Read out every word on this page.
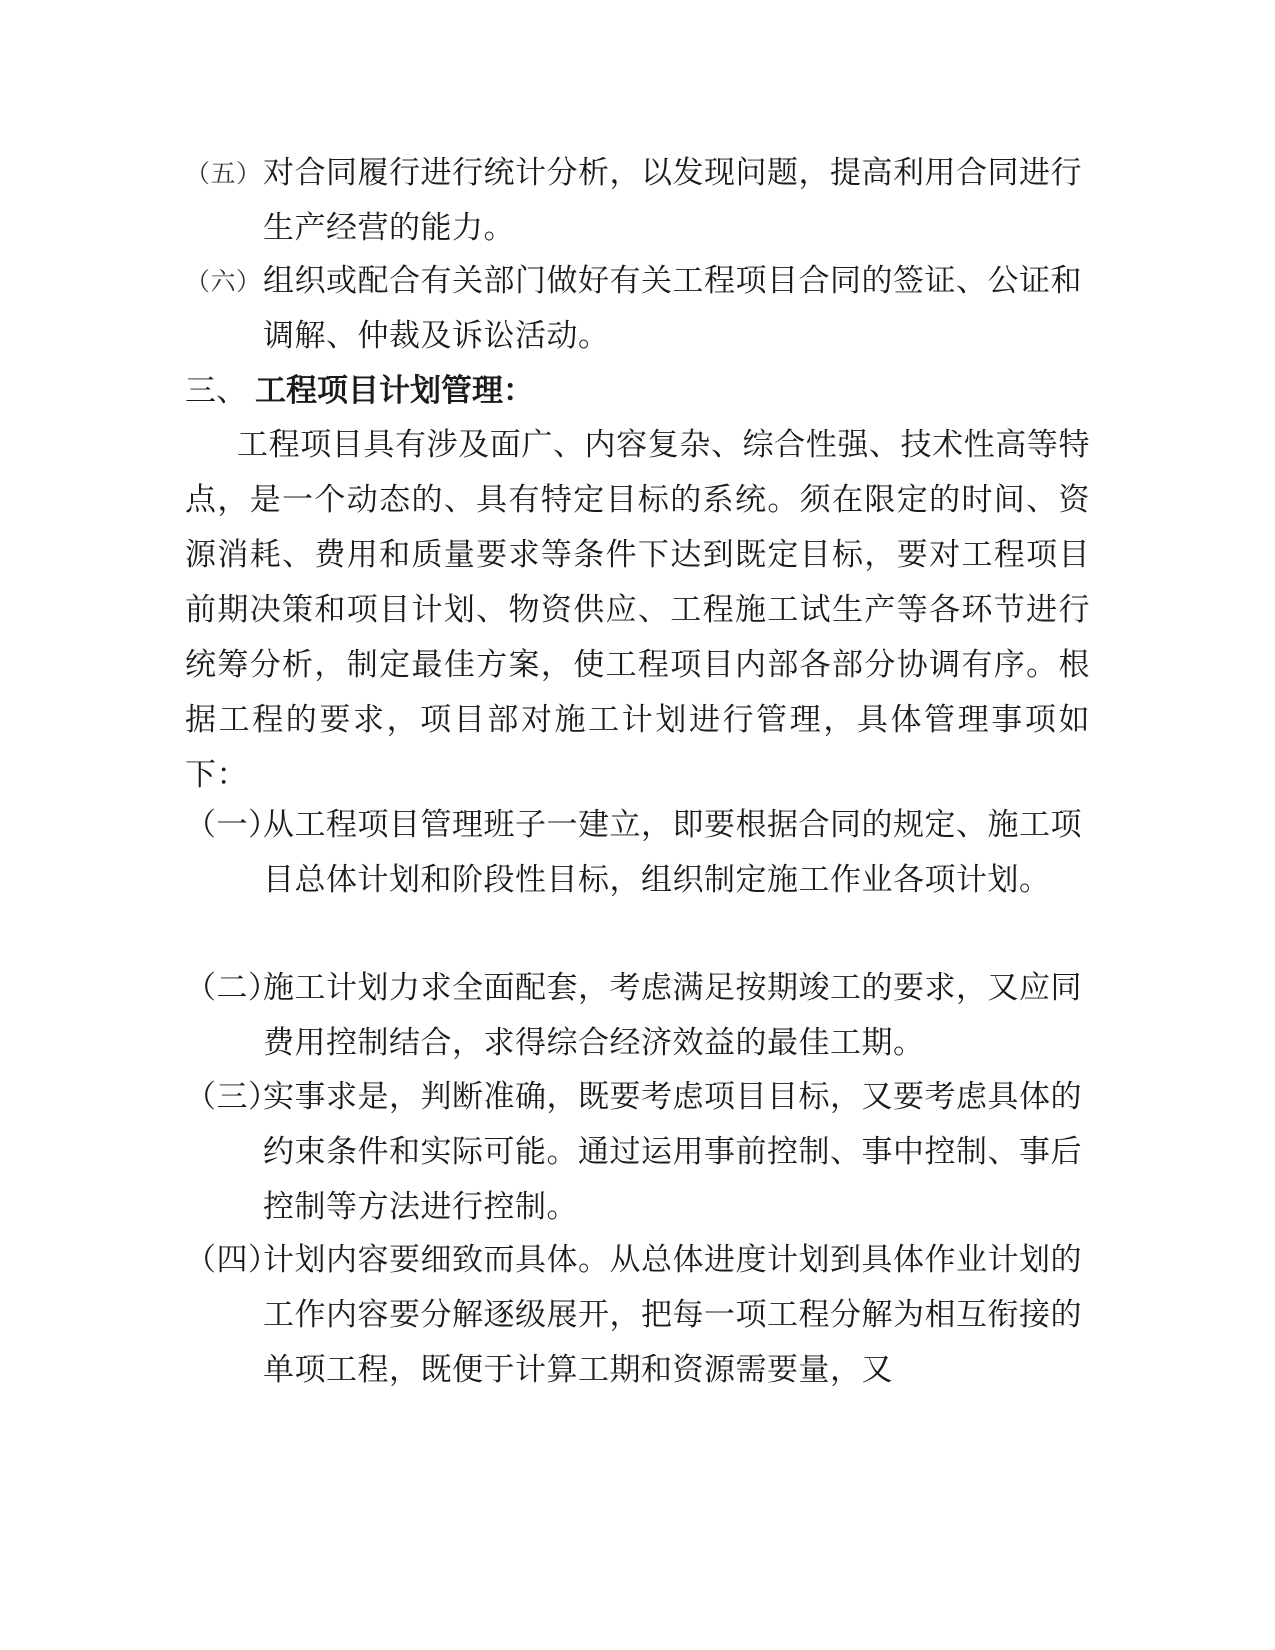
（五） 对合同履行进行统计分析，以发现问题，提高利用合同进行生产经营的能力。
（六） 组织或配合有关部门做好有关工程项目合同的签证、公证和调解、仲裁及诉讼活动。
三、 工程项目计划管理：
工程项目具有涉及面广、内容复杂、综合性强、技术性高等特点，是一个动态的、具有特定目标的系统。须在限定的时间、资源消耗、费用和质量要求等条件下达到既定目标，要对工程项目前期决策和项目计划、物资供应、工程施工试生产等各环节进行统筹分析，制定最佳方案，使工程项目内部各部分协调有序。根据工程的要求，项目部对施工计划进行管理，具体管理事项如下：
（一）
从工程项目管理班子一建立，即要根据合同的规定、施工项目总体计划和阶段性目标，组织制定施工作业各项计划。
（二）
施工计划力求全面配套，考虑满足按期竣工的要求，又应同费用控制结合，求得综合经济效益的最佳工期。
（三）
实事求是，判断准确，既要考虑项目目标，又要考虑具体的约束条件和实际可能。通过运用事前控制、事中控制、事后控制等方法进行控制。
（四）
计划内容要细致而具体。从总体进度计划到具体作业计划的工作内容要分解逐级展开，把每一项工程分解为相互衔接的单项工程，既便于计算工期和资源需要量，又
